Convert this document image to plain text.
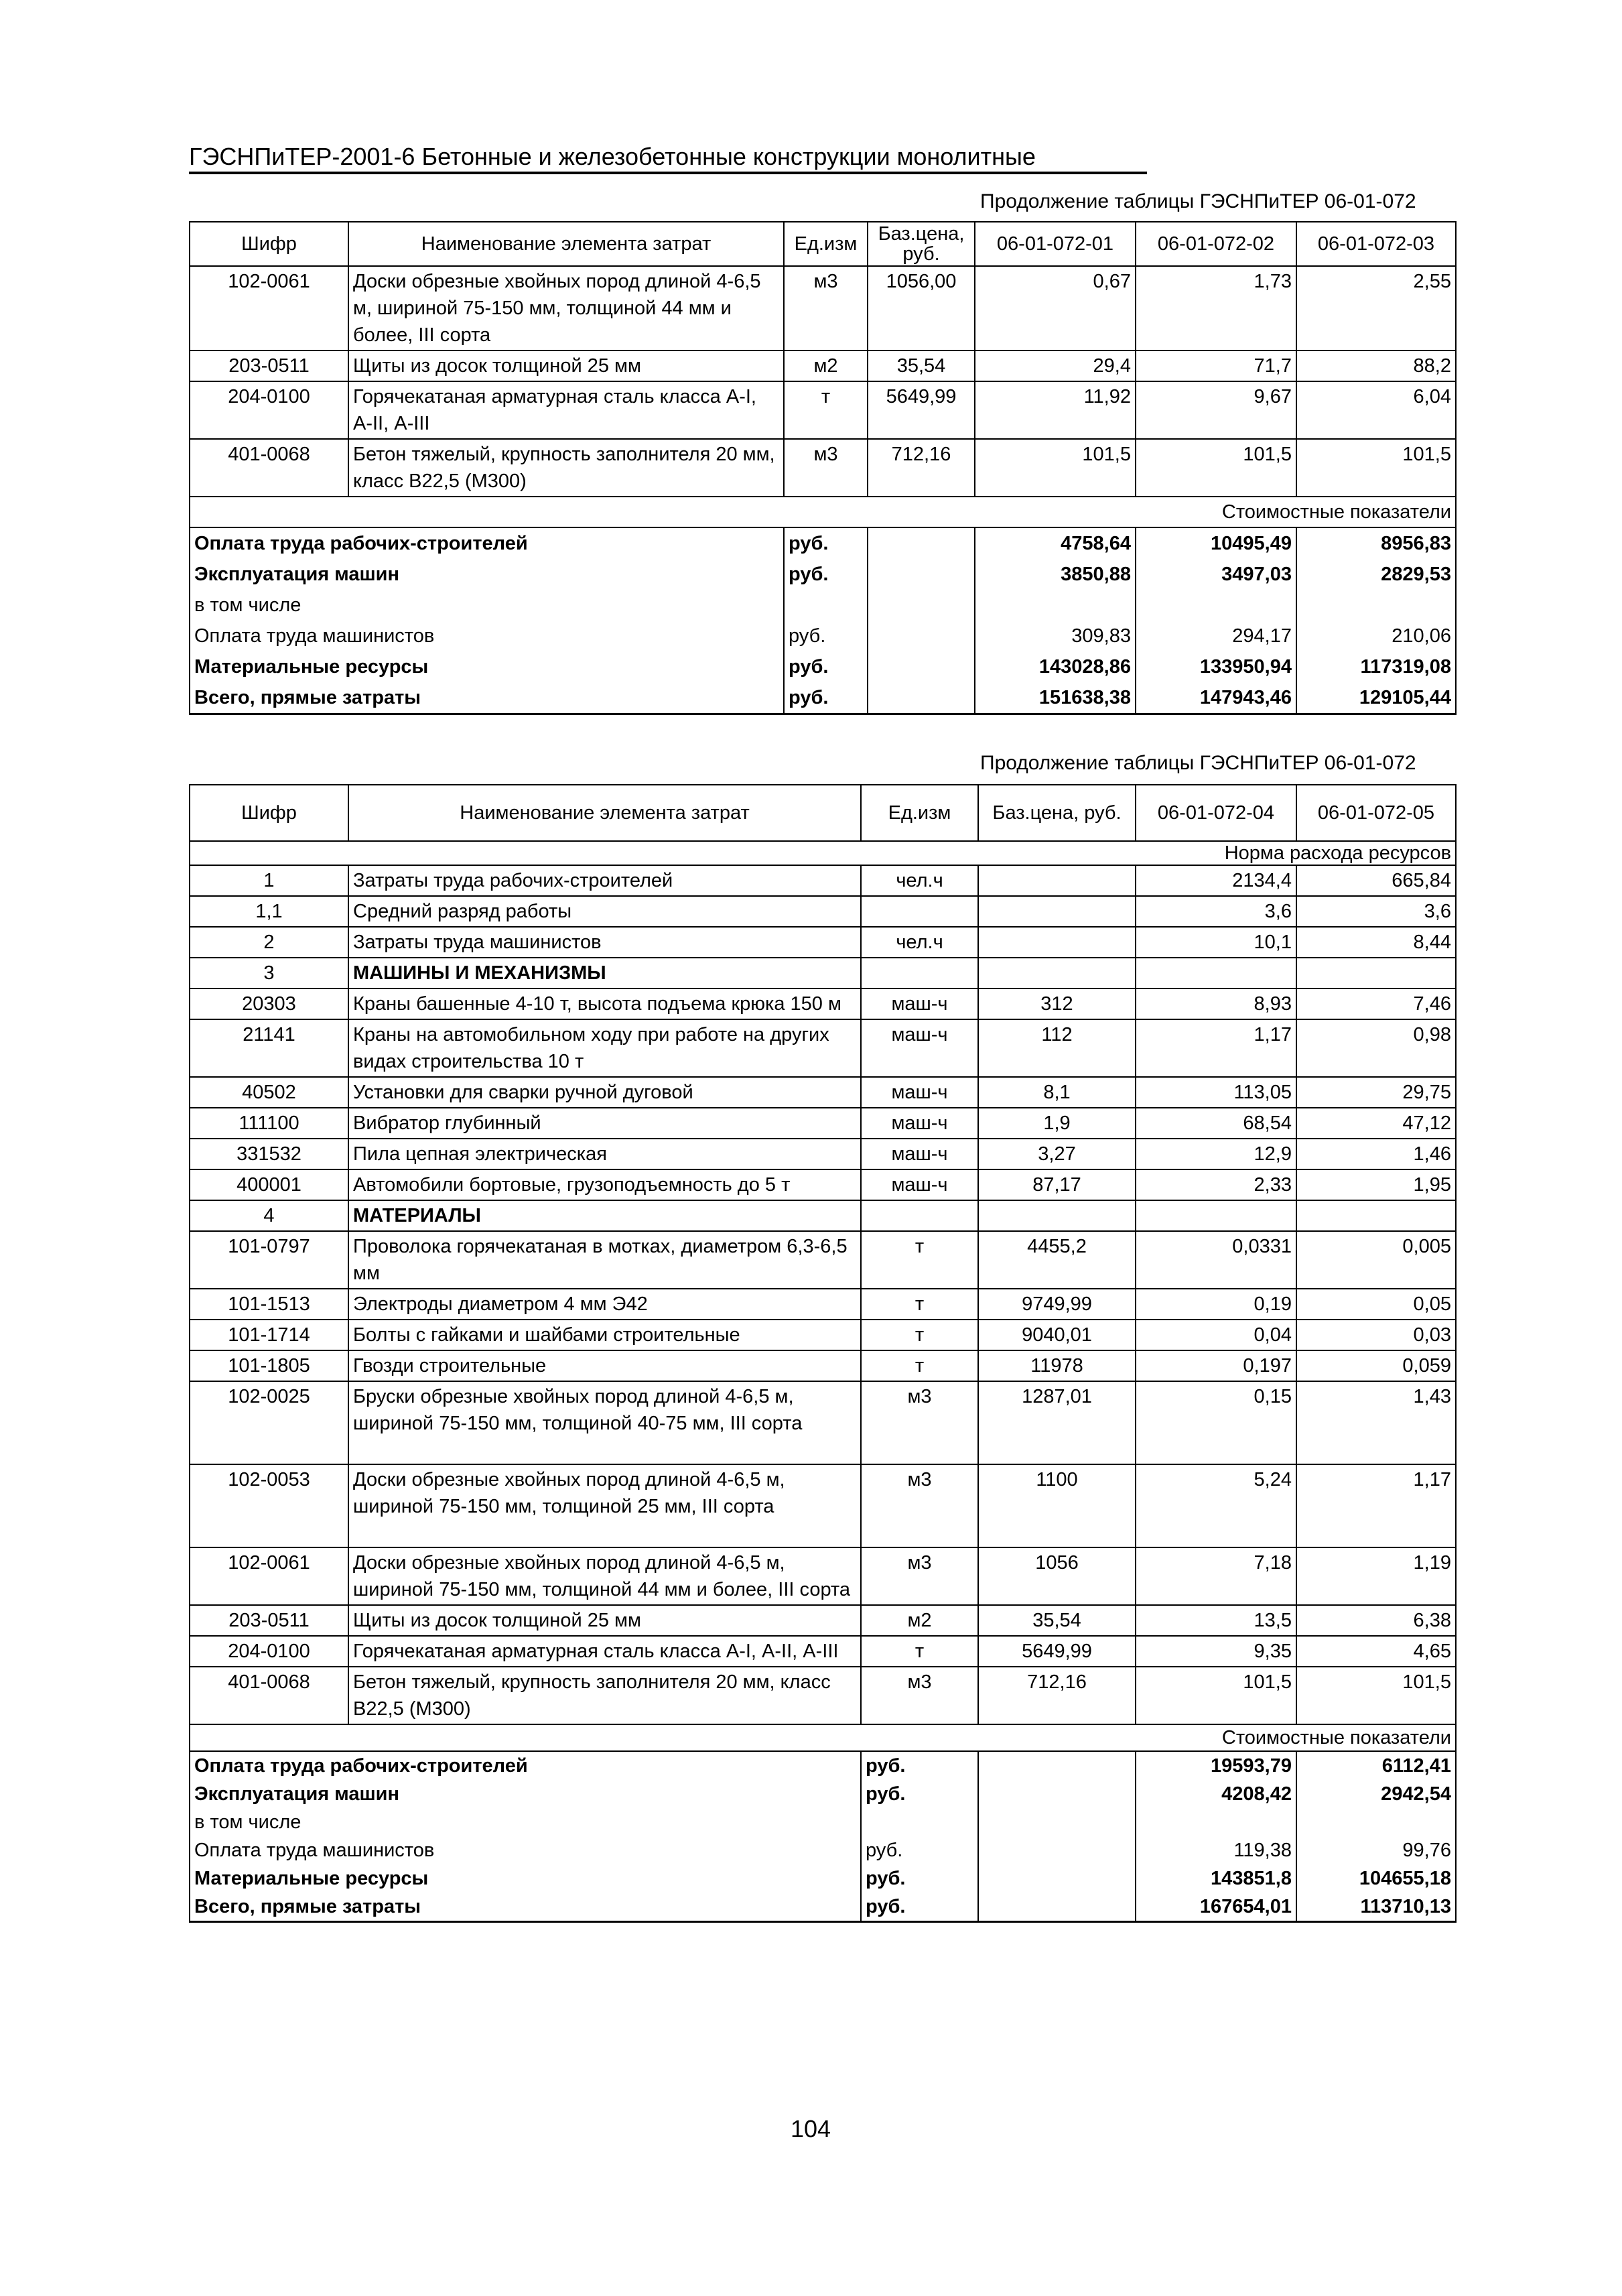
ГЭСНПиТЕР-2001-6 Бетонные и железобетонные конструкции монолитные
Продолжение таблицы ГЭСНПиТЕР 06-01-072
Шифр	Наименование элемента затрат	Ед.изм	Баз.цена, руб.	06-01-072-01	06-01-072-02	06-01-072-03
102-0061	Доски обрезные хвойных пород длиной 4-6,5 м, шириной 75-150 мм, толщиной 44 мм и более, III сорта	м3	1056,00	0,67	1,73	2,55
203-0511	Щиты из досок толщиной 25 мм	м2	35,54	29,4	71,7	88,2
204-0100	Горячекатаная арматурная сталь класса А-I, А-II, А-III	т	5649,99	11,92	9,67	6,04
401-0068	Бетон тяжелый, крупность заполнителя 20 мм, класс B22,5 (М300)	м3	712,16	101,5	101,5	101,5
Стоимостные показатели						
Оплата труда рабочих-строителей		руб.		4758,64	10495,49	8956,83
Эксплуатация машин		руб.		3850,88	3497,03	2829,53
в том числе						
Оплата труда машинистов		руб.		309,83	294,17	210,06
Материальные ресурсы		руб.		143028,86	133950,94	117319,08
Всего, прямые затраты		руб.		151638,38	147943,46	129105,44
Продолжение таблицы ГЭСНПиТЕР 06-01-072
Шифр	Наименование элемента затрат	Ед.изм	Баз.цена, руб.	06-01-072-04	06-01-072-05
Норма расхода ресурсов					
1	Затраты труда рабочих-строителей	чел.ч		2134,4	665,84
1,1	Средний разряд работы			3,6	3,6
2	Затраты труда машинистов	чел.ч		10,1	8,44
3	МАШИНЫ И МЕХАНИЗМЫ				
20303	Краны башенные 4-10 т, высота подъема крюка 150 м	маш-ч	312	8,93	7,46
21141	Краны на автомобильном ходу при работе на других видах строительства 10 т	маш-ч	112	1,17	0,98
40502	Установки для сварки ручной дуговой	маш-ч	8,1	113,05	29,75
111100	Вибратор глубинный	маш-ч	1,9	68,54	47,12
331532	Пила цепная электрическая	маш-ч	3,27	12,9	1,46
400001	Автомобили бортовые, грузоподъемность до 5 т	маш-ч	87,17	2,33	1,95
4	МАТЕРИАЛЫ				
101-0797	Проволока горячекатаная в мотках, диаметром 6,3-6,5 мм	т	4455,2	0,0331	0,005
101-1513	Электроды диаметром 4 мм Э42	т	9749,99	0,19	0,05
101-1714	Болты с гайками и шайбами строительные	т	9040,01	0,04	0,03
101-1805	Гвозди строительные	т	11978	0,197	0,059
102-0025	Бруски обрезные хвойных пород длиной 4-6,5 м, шириной 75-150 мм, толщиной 40-75 мм, III сорта	м3	1287,01	0,15	1,43
102-0053	Доски обрезные хвойных пород длиной 4-6,5 м, шириной 75-150 мм, толщиной 25 мм, III сорта	м3	1100	5,24	1,17
102-0061	Доски обрезные хвойных пород длиной 4-6,5 м, шириной 75-150 мм, толщиной 44 мм и более, III сорта	м3	1056	7,18	1,19
203-0511	Щиты из досок толщиной 25 мм	м2	35,54	13,5	6,38
204-0100	Горячекатаная арматурная сталь класса А-I, А-II, А-III	т	5649,99	9,35	4,65
401-0068	Бетон тяжелый, крупность заполнителя 20 мм, класс B22,5 (М300)	м3	712,16	101,5	101,5
Стоимостные показатели					
Оплата труда рабочих-строителей		руб.		19593,79	6112,41
Эксплуатация машин		руб.		4208,42	2942,54
в том числе					
Оплата труда машинистов		руб.		119,38	99,76
Материальные ресурсы		руб.		143851,8	104655,18
Всего, прямые затраты		руб.		167654,01	113710,13
104
